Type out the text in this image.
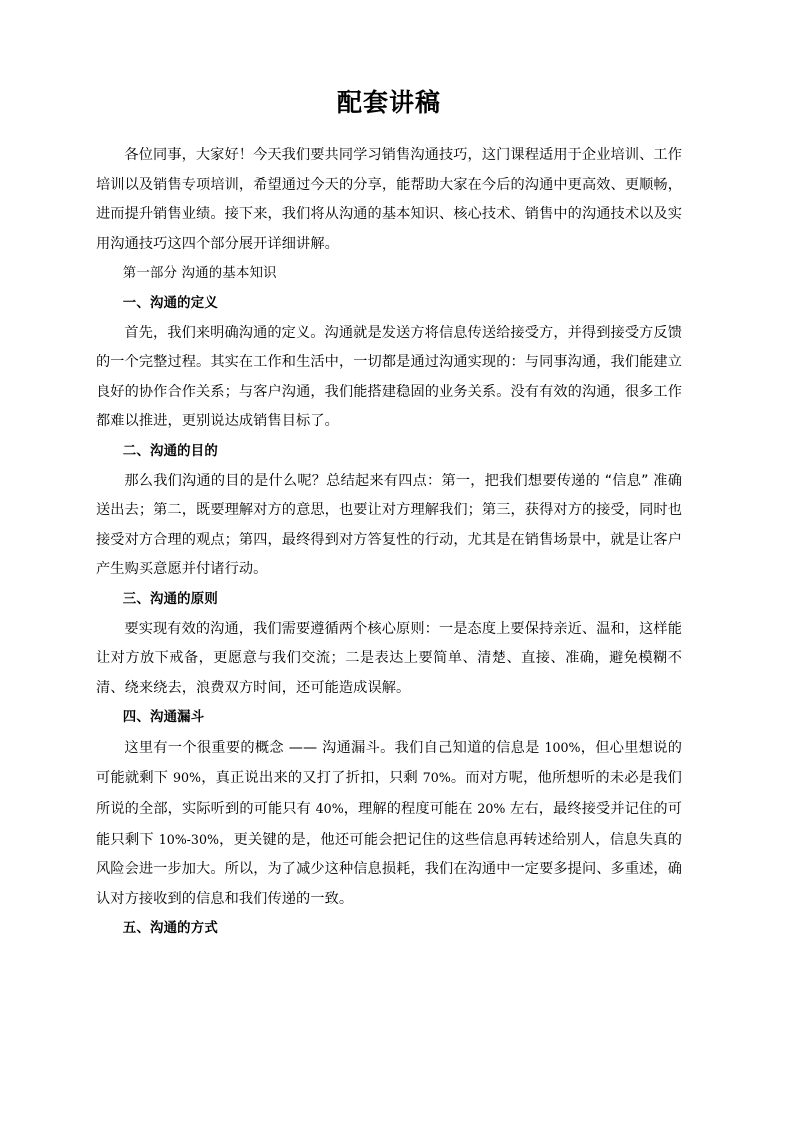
配套讲稿

各位同事，大家好！今天我们要共同学习销售沟通技巧，这门课程适用于企业培训、工作培训以及销售专项培训，希望通过今天的分享，能帮助大家在今后的沟通中更高效、更顺畅，进而提升销售业绩。接下来，我们将从沟通的基本知识、核心技术、销售中的沟通技术以及实用沟通技巧这四个部分展开详细讲解。

第一部分 沟通的基本知识

一、沟通的定义

首先，我们来明确沟通的定义。沟通就是发送方将信息传送给接受方，并得到接受方反馈的一个完整过程。其实在工作和生活中，一切都是通过沟通实现的：与同事沟通，我们能建立良好的协作合作关系；与客户沟通，我们能搭建稳固的业务关系。没有有效的沟通，很多工作都难以推进，更别说达成销售目标了。

二、沟通的目的

那么我们沟通的目的是什么呢？总结起来有四点：第一，把我们想要传递的 “信息” 准确送出去；第二，既要理解对方的意思，也要让对方理解我们；第三，获得对方的接受，同时也接受对方合理的观点；第四，最终得到对方答复性的行动，尤其是在销售场景中，就是让客户产生购买意愿并付诸行动。

三、沟通的原则

要实现有效的沟通，我们需要遵循两个核心原则：一是态度上要保持亲近、温和，这样能让对方放下戒备，更愿意与我们交流；二是表达上要简单、清楚、直接、准确，避免模糊不清、绕来绕去，浪费双方时间，还可能造成误解。

四、沟通漏斗

这里有一个很重要的概念 —— 沟通漏斗。我们自己知道的信息是 100%，但心里想说的可能就剩下 90%，真正说出来的又打了折扣，只剩 70%。而对方呢，他所想听的未必是我们所说的全部，实际听到的可能只有 40%，理解的程度可能在 20% 左右，最终接受并记住的可能只剩下 10%-30%，更关键的是，他还可能会把记住的这些信息再转述给别人，信息失真的风险会进一步加大。所以，为了减少这种信息损耗，我们在沟通中一定要多提问、多重述，确认对方接收到的信息和我们传递的一致。

五、沟通的方式
